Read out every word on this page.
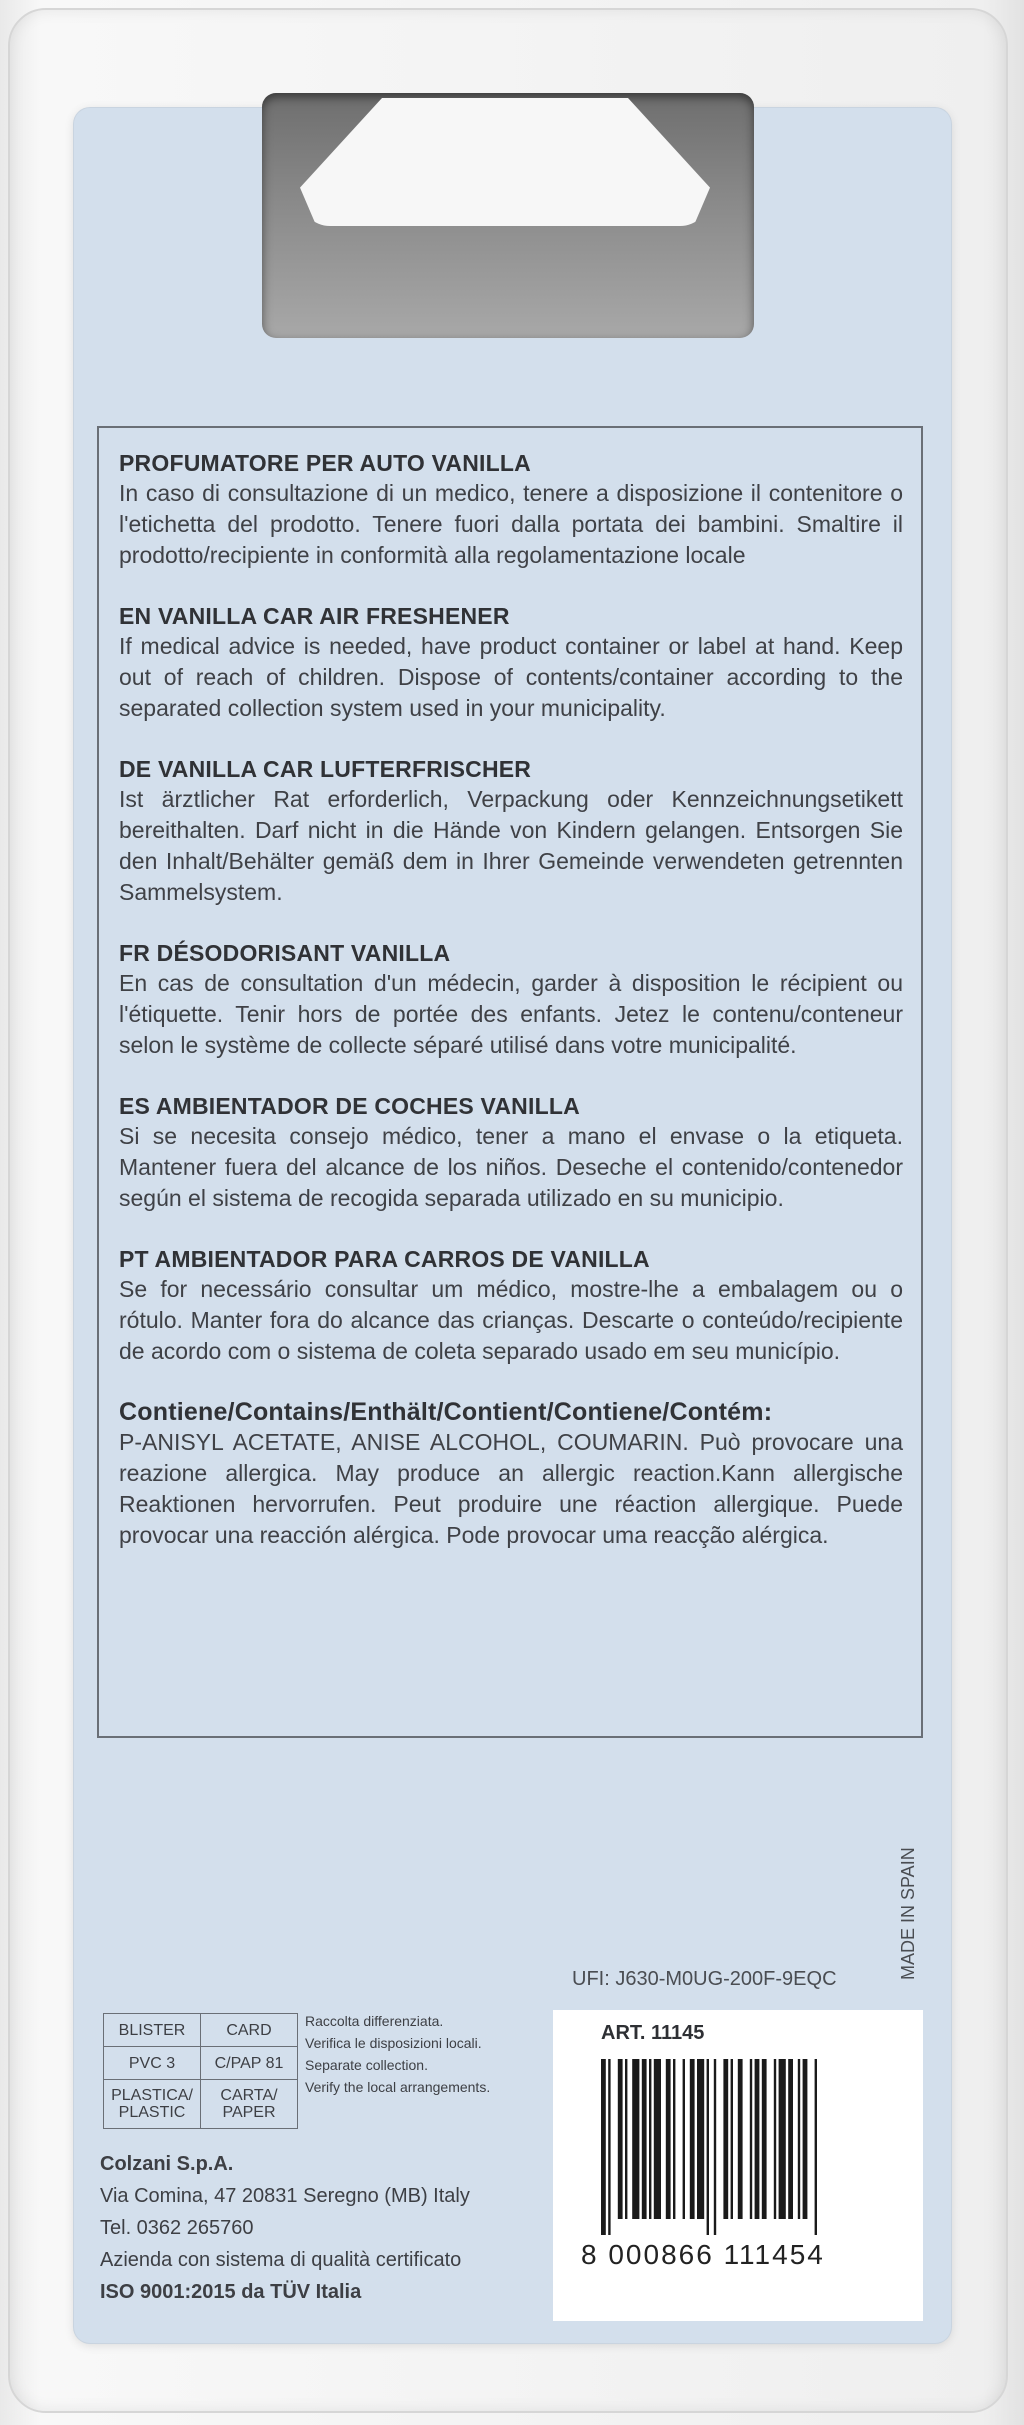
PROFUMATORE PER AUTO VANILLA

In caso di consultazione di un medico, tenere a disposizione il contenitore o l'etichetta del prodotto. Tenere fuori dalla portata dei bambini. Smaltire il prodotto/recipiente in conformità alla regolamentazione locale

EN VANILLA CAR AIR FRESHENER

If medical advice is needed, have product container or label at hand. Keep out of reach of children. Dispose of contents/container according to the separated collection system used in your municipality.

DE VANILLA CAR LUFTERFRISCHER

Ist ärztlicher Rat erforderlich, Verpackung oder Kennzeichnungsetikett bereithalten. Darf nicht in die Hände von Kindern gelangen. Entsorgen Sie den Inhalt/Behälter gemäß dem in Ihrer Gemeinde verwendeten getrennten Sammelsystem.

FR DÉSODORISANT VANILLA

En cas de consultation d'un médecin, garder à disposition le récipient ou l'étiquette. Tenir hors de portée des enfants. Jetez le contenu/conteneur selon le système de collecte séparé utilisé dans votre municipalité.

ES AMBIENTADOR DE COCHES VANILLA

Si se necesita consejo médico, tener a mano el envase o la etiqueta. Mantener fuera del alcance de los niños. Deseche el contenido/contenedor según el sistema de recogida separada utilizado en su municipio.

PT AMBIENTADOR PARA CARROS DE VANILLA

Se for necessário consultar um médico, mostre-lhe a embalagem ou o rótulo. Manter fora do alcance das crianças. Descarte o conteúdo/recipiente de acordo com o sistema de coleta separado usado em seu município.

Contiene/Contains/Enthält/Contient/Contiene/Contém:

P-ANISYL ACETATE, ANISE ALCOHOL, COUMARIN. Può provocare una reazione allergica. May produce an allergic reaction.Kann allergische Reaktionen hervorrufen. Peut produire une réaction allergique. Puede provocar una reacción alérgica. Pode provocar uma reacção alérgica.

MADE IN SPAIN
UFI: J630-M0UG-200F-9EQC
BLISTER	CARD
PVC 3	C/PAP 81
PLASTICA/ PLASTIC	CARTA/ PAPER
Raccolta differenziata.
Verifica le disposizioni locali.
Separate collection.
Verify the local arrangements.
Colzani S.p.A.
Via Comina, 47 20831 Seregno (MB) Italy
Tel. 0362 265760
Azienda con sistema di qualità certificato
ISO 9001:2015 da TÜV Italia
ART. 11145
8 000866 111454
